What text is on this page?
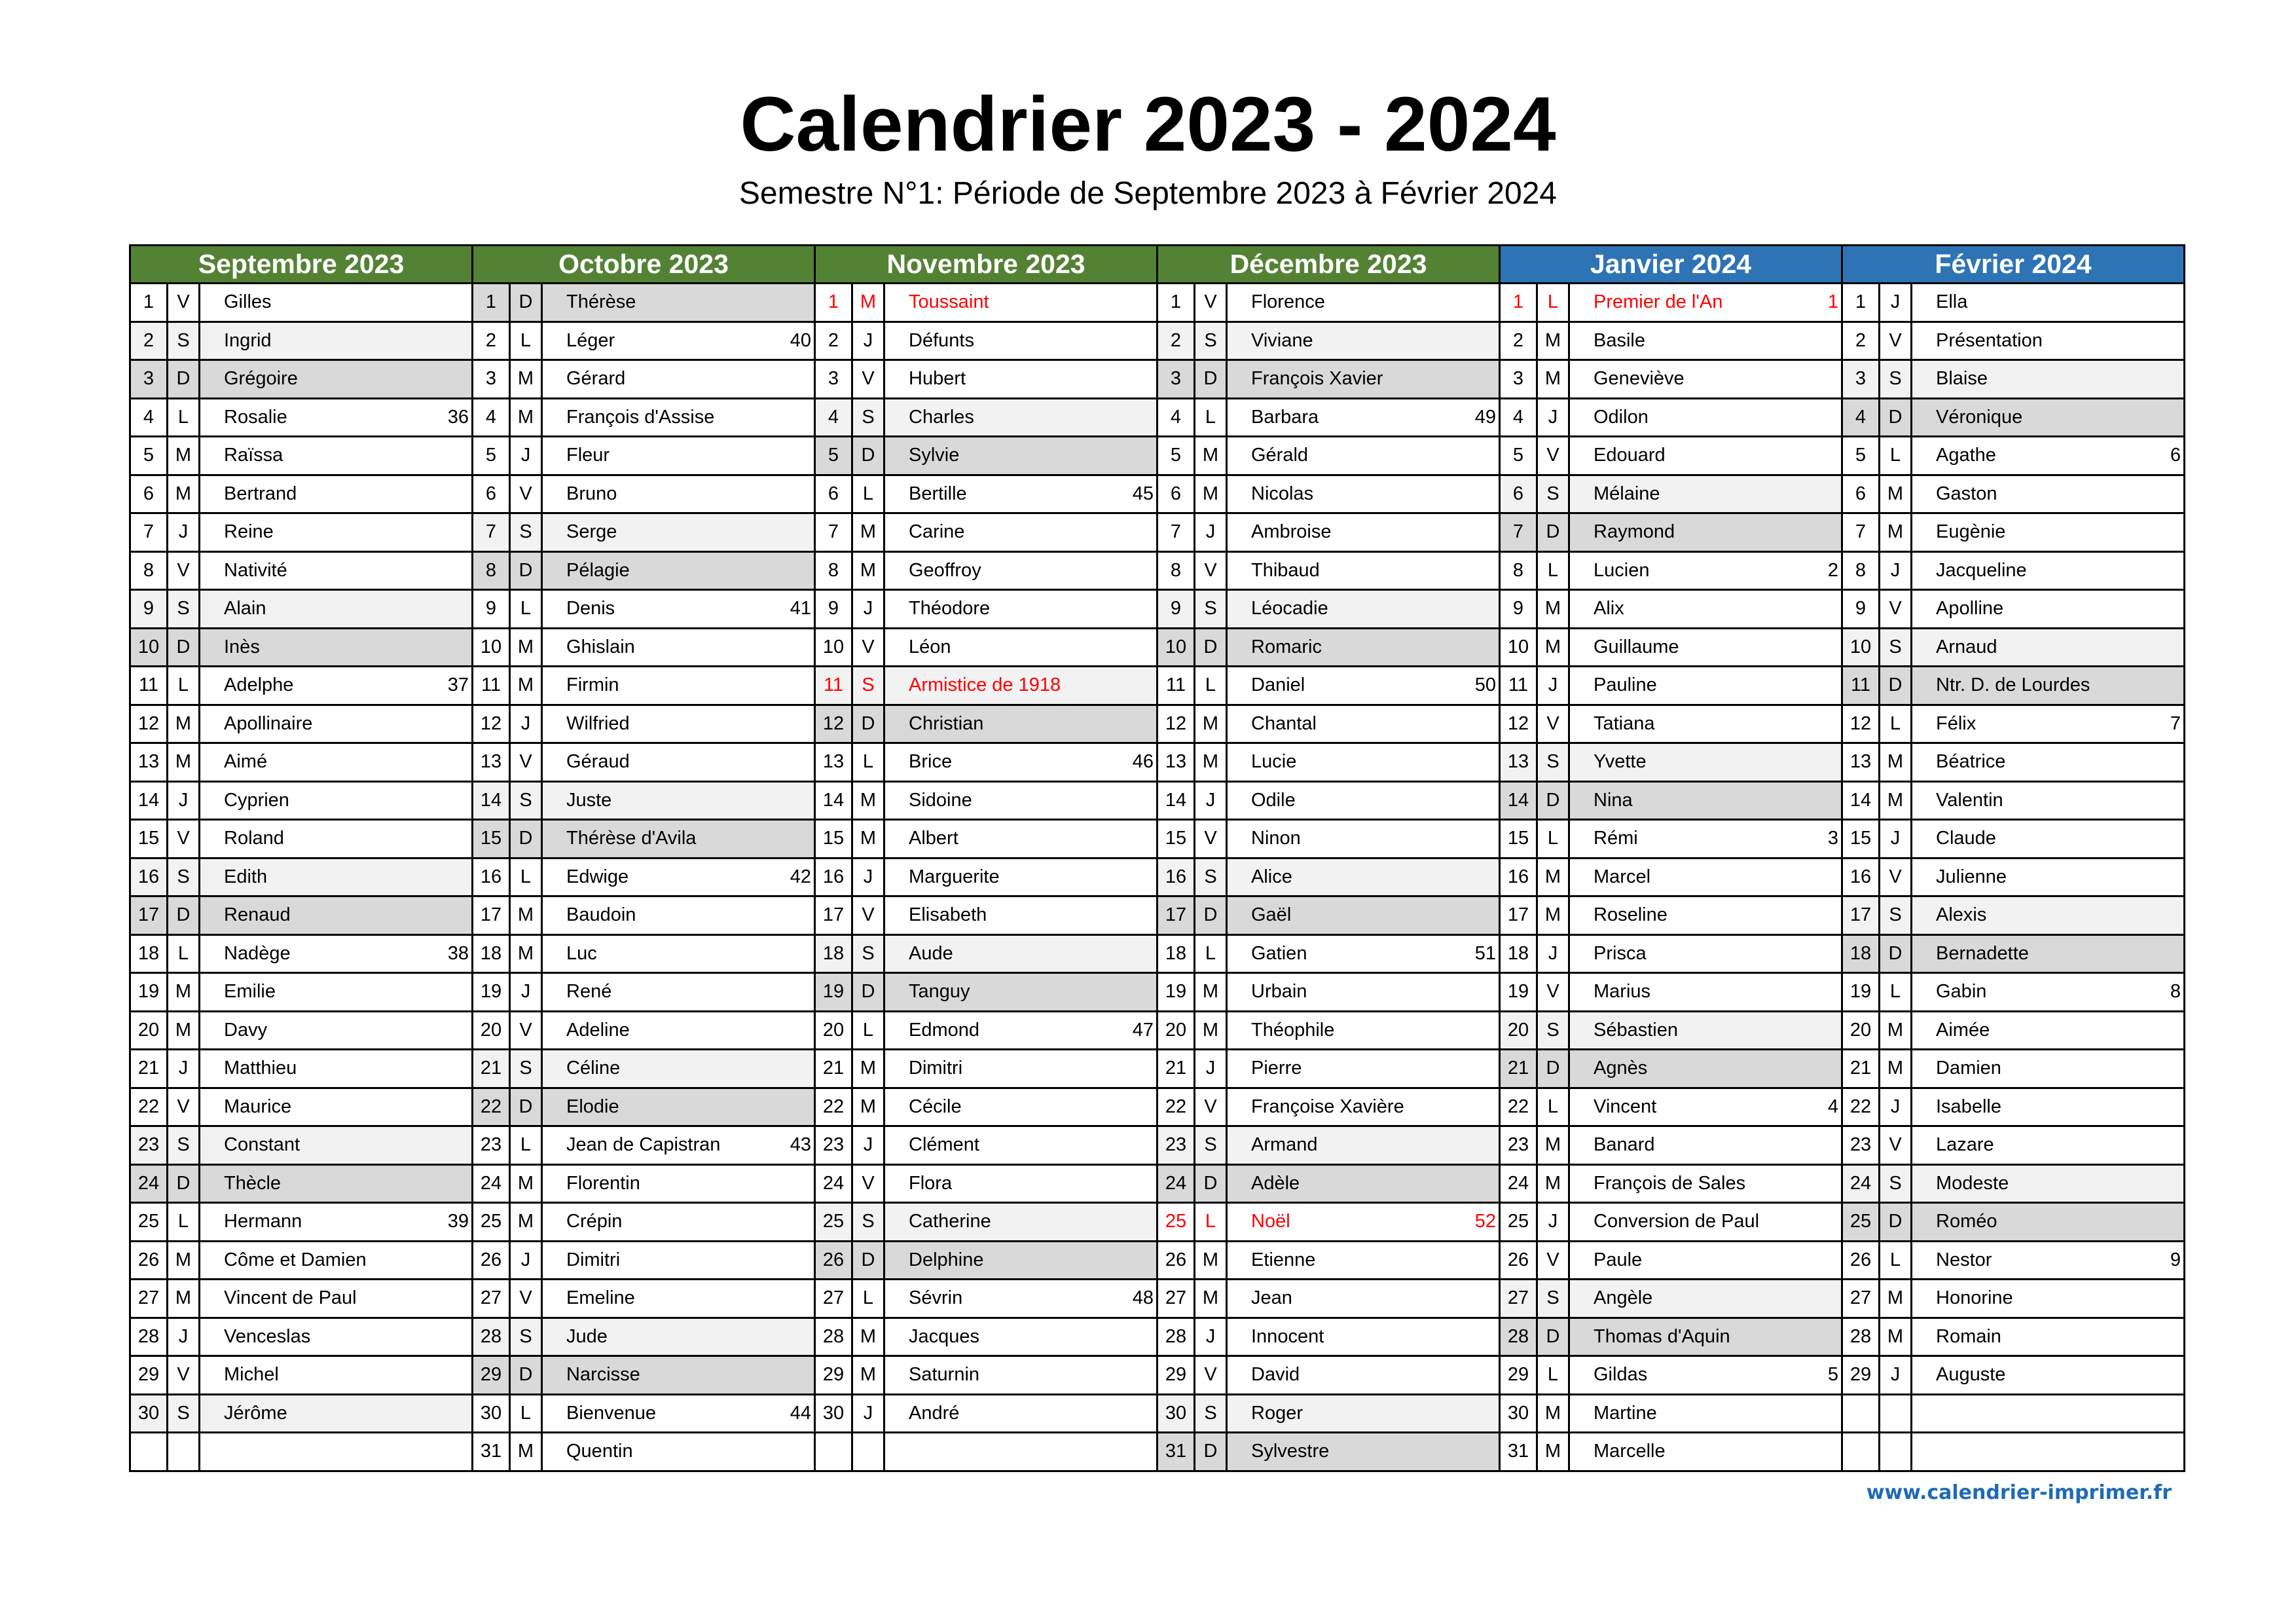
Calendrier 2023 - 2024
Semestre N°1: Période de Septembre 2023 à Février 2024
Septembre 2023			Octobre 2023			Novembre 2023			Décembre 2023			Janvier 2024			Février 2024		
1	V	Gilles	1	D	Thérèse	1	M	Toussaint	1	V	Florence	1	L	Premier de l'An 1	1	J	Ella
2	S	Ingrid	2	L	Léger 40	2	J	Défunts	2	S	Viviane	2	M	Basile	2	V	Présentation
3	D	Grégoire	3	M	Gérard	3	V	Hubert	3	D	François Xavier	3	M	Geneviève	3	S	Blaise
4	L	Rosalie 36	4	M	François d'Assise	4	S	Charles	4	L	Barbara 49	4	J	Odilon	4	D	Véronique
5	M	Raïssa	5	J	Fleur	5	D	Sylvie	5	M	Gérald	5	V	Edouard	5	L	Agathe 6

6	M	Bertrand	6	V	Bruno	6	L	Bertille 45	6	M	Nicolas	6	S	Mélaine	6	M	Gaston
7	J	Reine	7	S	Serge	7	M	Carine	7	J	Ambroise	7	D	Raymond	7	M	Eugènie
8	V	Nativité	8	D	Pélagie	8	M	Geoffroy	8	V	Thibaud	8	L	Lucien 2	8	J	Jacqueline
9	S	Alain	9	L	Denis 41	9	J	Théodore	9	S	Léocadie	9	M	Alix	9	V	Apolline
10	D	Inès	10	M	Ghislain	10	V	Léon	10	D	Romaric	10	M	Guillaume	10	S	Arnaud
11	L	Adelphe 37	11	M	Firmin	11	S	Armistice de 1918	11	L	Daniel 50	11	J	Pauline	11	D	Ntr. D. de Lourdes
12	M	Apollinaire	12	J	Wilfried	12	D	Christian	12	M	Chantal	12	V	Tatiana	12	L	Félix 7

13	M	Aimé	13	V	Géraud	13	L	Brice 46	13	M	Lucie	13	S	Yvette	13	M	Béatrice
14	J	Cyprien	14	S	Juste	14	M	Sidoine	14	J	Odile	14	D	Nina	14	M	Valentin
15	V	Roland	15	D	Thérèse d'Avila	15	M	Albert	15	V	Ninon	15	L	Rémi 3	15	J	Claude
16	S	Edith	16	L	Edwige 42	16	J	Marguerite	16	S	Alice	16	M	Marcel	16	V	Julienne
17	D	Renaud	17	M	Baudoin	17	V	Elisabeth	17	D	Gaël	17	M	Roseline	17	S	Alexis
18	L	Nadège 38	18	M	Luc	18	S	Aude	18	L	Gatien 51	18	J	Prisca	18	D	Bernadette
19	M	Emilie	19	J	René	19	D	Tanguy	19	M	Urbain	19	V	Marius	19	L	Gabin 8

20	M	Davy	20	V	Adeline	20	L	Edmond 47	20	M	Théophile	20	S	Sébastien	20	M	Aimée
21	J	Matthieu	21	S	Céline	21	M	Dimitri	21	J	Pierre	21	D	Agnès	21	M	Damien
22	V	Maurice	22	D	Elodie	22	M	Cécile	22	V	Françoise Xavière	22	L	Vincent 4	22	J	Isabelle
23	S	Constant	23	L	Jean de Capistran 43	23	J	Clément	23	S	Armand	23	M	Banard	23	V	Lazare
24	D	Thècle	24	M	Florentin	24	V	Flora	24	D	Adèle	24	M	François de Sales	24	S	Modeste
25	L	Hermann 39	25	M	Crépin	25	S	Catherine	25	L	Noël 52	25	J	Conversion de Paul	25	D	Roméo
26	M	Côme et Damien	26	J	Dimitri	26	D	Delphine	26	M	Etienne	26	V	Paule	26	L	Nestor 9

27	M	Vincent de Paul	27	V	Emeline	27	L	Sévrin 48	27	M	Jean	27	S	Angèle	27	M	Honorine
28	J	Venceslas	28	S	Jude	28	M	Jacques	28	J	Innocent	28	D	Thomas d'Aquin	28	M	Romain
29	V	Michel	29	D	Narcisse	29	M	Saturnin	29	V	David	29	L	Gildas 5	29	J	Auguste
30	S	Jérôme	30	L	Bienvenue 44	30	J	André	30	S	Roger	30	M	Martine			
			31	M	Quentin				31	D	Sylvestre	31	M	Marcelle			
www.calendrier-imprimer.fr
